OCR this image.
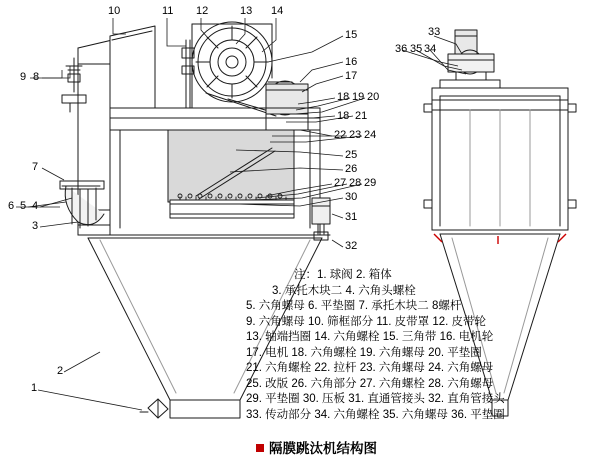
10	11 12	13 14
9 8
7
6 5 4
3
2
1
15
16
17
18 19 20
18 21
22 23 24
25
26
27 28 29
30
31
32
33
36 35 34
注：1. 球阀 2. 箱体
3. 承托木块二 4. 六角头螺栓
5. 六角螺母 6. 平垫圈 7. 承托木块二 8螺杆
9. 六角螺母 10. 筛框部分 11. 皮带罩 12. 皮带轮
13. 轴端挡圈 14. 六角螺栓 15. 三角带 16. 电机轮
17. 电机 18. 六角螺栓 19. 六角螺母 20. 平垫圈
21. 六角螺栓 22. 拉杆 23. 六角螺母 24. 六角螺母
25. 改版 26. 六角部分 27. 六角螺栓 28. 六角螺母
29. 平垫圈 30. 压板 31. 直通管接头 32. 直角管接头
33. 传动部分 34. 六角螺栓 35. 六角螺母 36. 平垫圈
隔膜跳汰机结构图
